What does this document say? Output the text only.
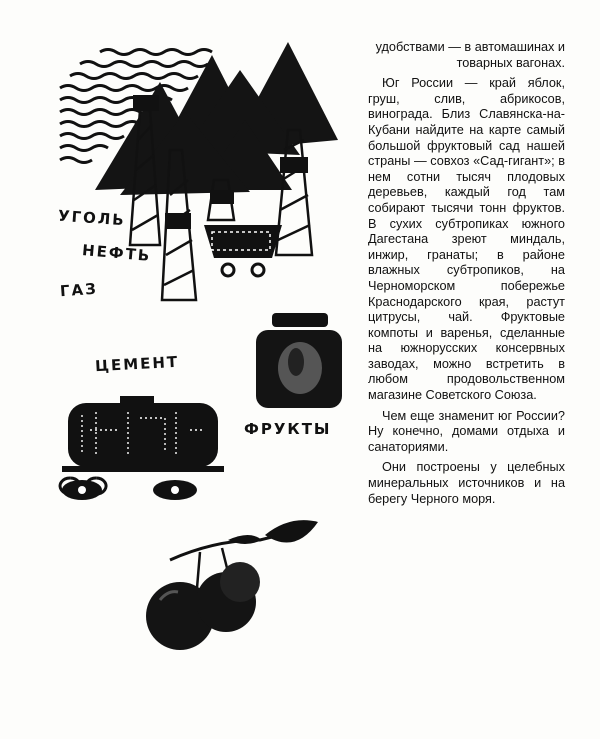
УГОЛЬ
НЕФТЬ
ГАЗ
ЦЕМЕНТ
ФРУКТЫ

удобствами — в автомашинах и товарных вагонах.

Юг России — край яблок, груш, слив, абрикосов, винограда. Близ Славянска-на-Кубани найдите на карте самый большой фруктовый сад нашей страны — совхоз «Сад-гигант»; в нем сотни тысяч плодовых деревьев, каждый год там собирают тысячи тонн фруктов. В сухих субтропиках южного Дагестана зреют миндаль, инжир, гранаты; в районе влажных субтропиков, на Черноморском побережье Краснодарского края, растут цитрусы, чай. Фруктовые компоты и варенья, сделанные на южнорусских консервных заводах, можно встретить в любом продовольственном магазине Советского Союза.

Чем еще знаменит юг России? Ну конечно, домами отдыха и санаториями.

Они построены у целебных минеральных источников и на берегу Черного моря.
